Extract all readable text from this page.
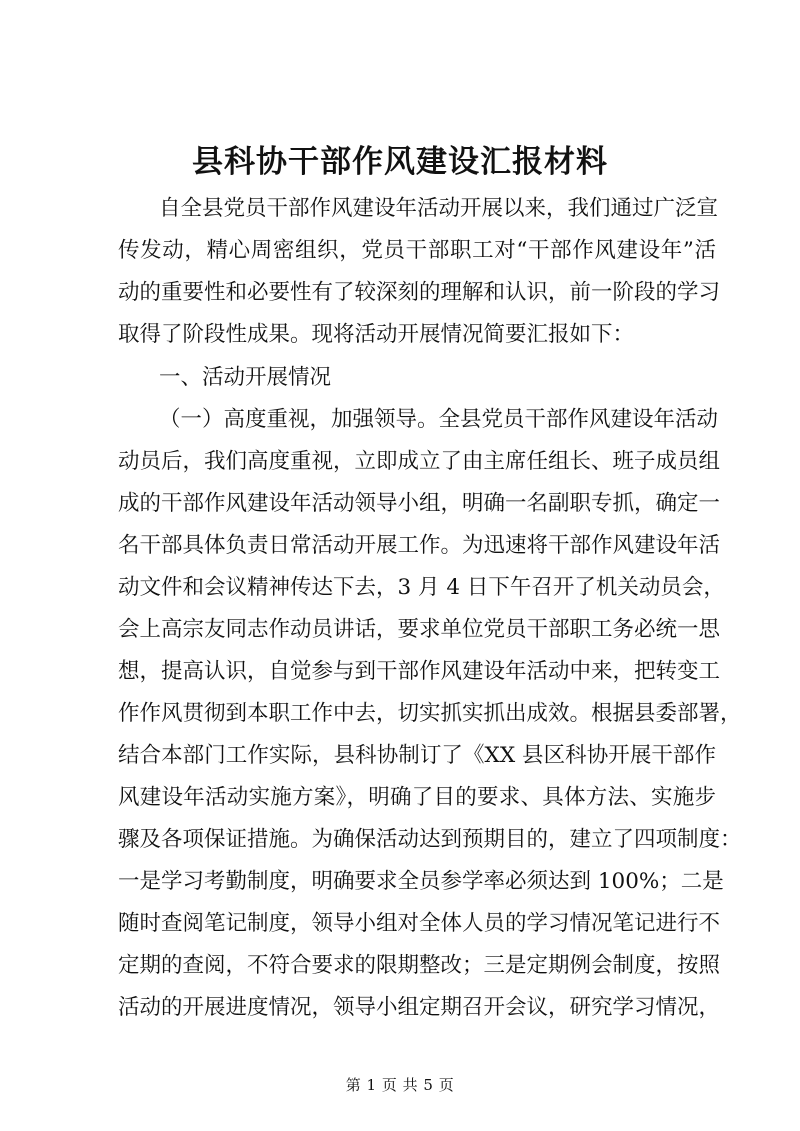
县科协干部作风建设汇报材料
自全县党员干部作风建设年活动开展以来，我们通过广泛宣
传发动，精心周密组织，党员干部职工对“干部作风建设年”活
动的重要性和必要性有了较深刻的理解和认识，前一阶段的学习
取得了阶段性成果。现将活动开展情况简要汇报如下：
一、活动开展情况
（一）高度重视，加强领导。全县党员干部作风建设年活动
动员后，我们高度重视，立即成立了由主席任组长、班子成员组
成的干部作风建设年活动领导小组，明确一名副职专抓，确定一
名干部具体负责日常活动开展工作。为迅速将干部作风建设年活
动文件和会议精神传达下去，3 月 4 日下午召开了机关动员会，
会上高宗友同志作动员讲话，要求单位党员干部职工务必统一思
想，提高认识，自觉参与到干部作风建设年活动中来，把转变工
作作风贯彻到本职工作中去，切实抓实抓出成效。根据县委部署，
结合本部门工作实际，县科协制订了《XX 县区科协开展干部作
风建设年活动实施方案》，明确了目的要求、具体方法、实施步
骤及各项保证措施。为确保活动达到预期目的，建立了四项制度：
一是学习考勤制度，明确要求全员参学率必须达到 100%；二是
随时查阅笔记制度，领导小组对全体人员的学习情况笔记进行不
定期的查阅，不符合要求的限期整改；三是定期例会制度，按照
活动的开展进度情况，领导小组定期召开会议，研究学习情况，
第 1 页 共 5 页
